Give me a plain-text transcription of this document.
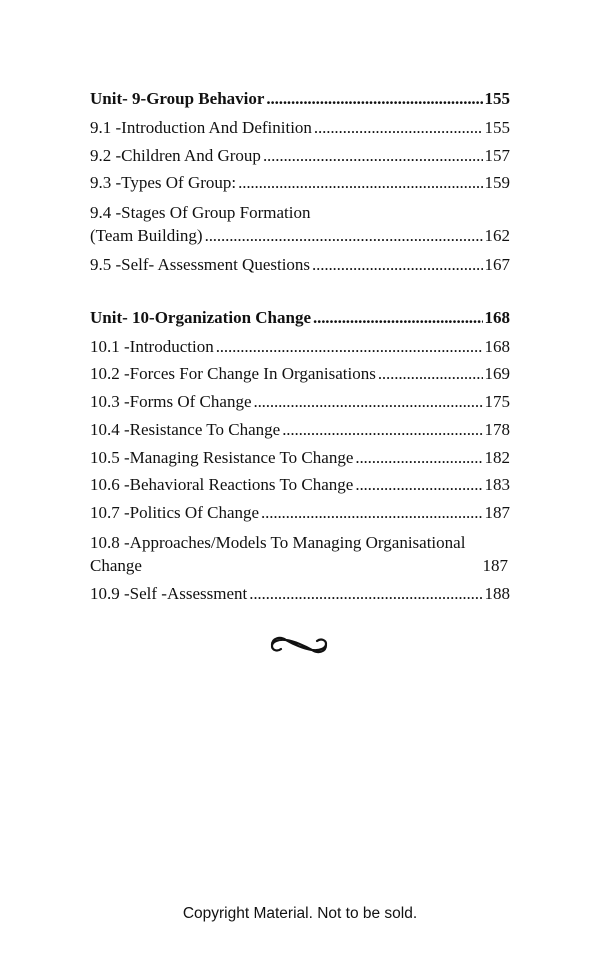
Unit- 9-Group Behavior . . .	155
9.1 -Introduction And Definition . . .	155
9.2 -Children And Group . . .	157
9.3 -Types Of Group: . . .	159
9.4 -Stages Of Group Formation
(Team Building) . . .	162
9.5 -Self- Assessment Questions . . .	167
Unit- 10-Organization Change . . .	168
10.1 -Introduction . . .	168
10.2 -Forces For Change In Organisations . . .	169
10.3 -Forms Of Change . . .	175
10.4 -Resistance To Change . . .	178
10.5 -Managing Resistance To Change . . .	182
10.6 -Behavioral Reactions To Change . . .	183
10.7 -Politics Of Change . . .	187
10.8 -Approaches/Models To Managing Organisational
Change	187
10.9 -Self -Assessment . . .	188
Copyright Material. Not to be sold.
